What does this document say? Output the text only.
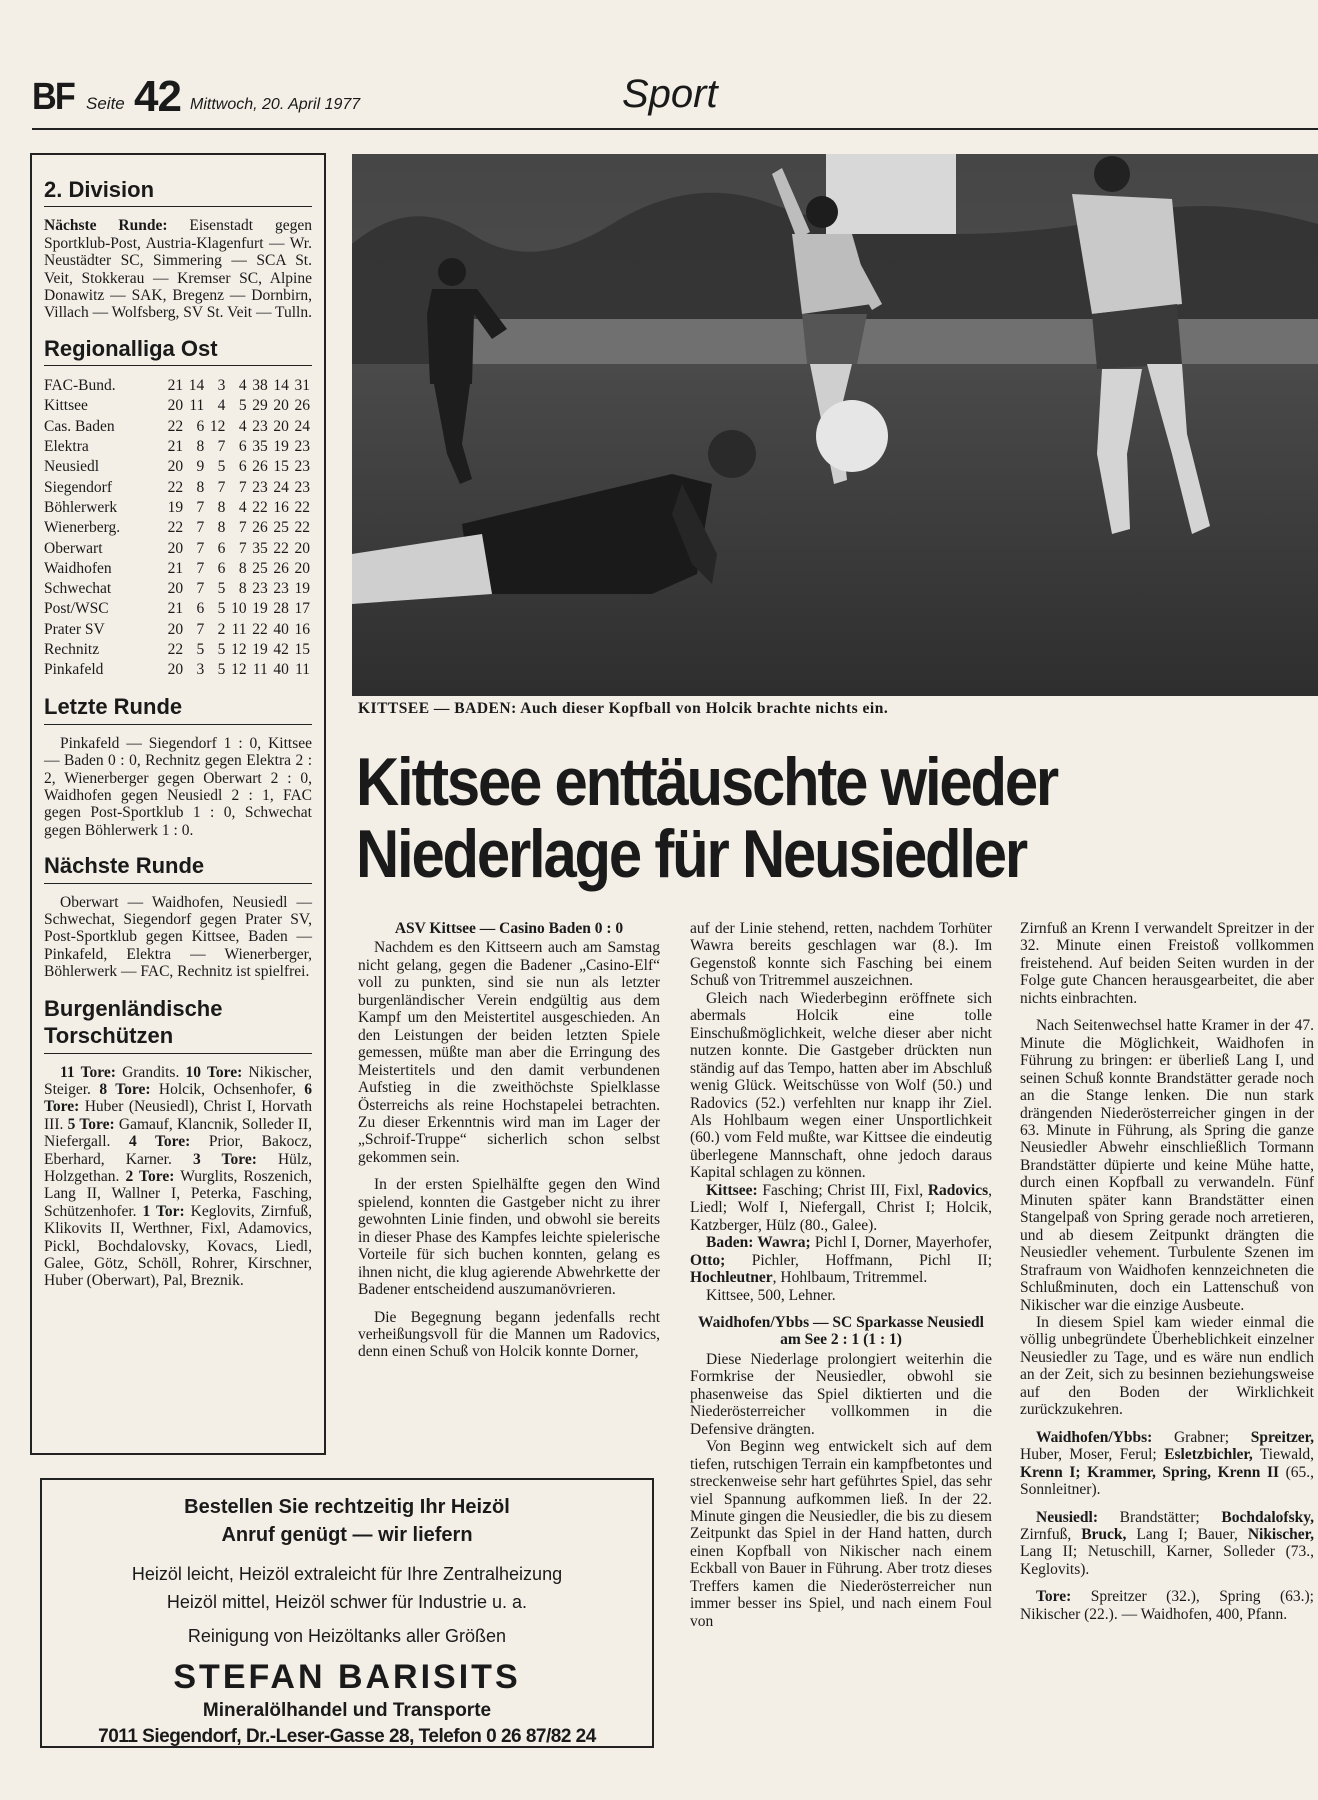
BF Seite 42 Mittwoch, 20. April 1977	Sport
2. Division

Nächste Runde: Eisenstadt gegen Sportklub-Post, Austria-Klagenfurt — Wr. Neustädter SC, Simmering — SCA St. Veit, Stokkerau — Kremser SC, Alpine Donawitz — SAK, Bregenz — Dornbirn, Villach — Wolfsberg, SV St. Veit — Tulln.

Regionalliga Ost
FAC-Bund.	21	14	3	4	38	14	31
Kittsee	20	11	4	5	29	20	26
Cas. Baden	22	6	12	4	23	20	24
Elektra	21	8	7	6	35	19	23
Neusiedl	20	9	5	6	26	15	23
Siegendorf	22	8	7	7	23	24	23
Böhlerwerk	19	7	8	4	22	16	22
Wienerberg.	22	7	8	7	26	25	22
Oberwart	20	7	6	7	35	22	20
Waidhofen	21	7	6	8	25	26	20
Schwechat	20	7	5	8	23	23	19
Post/WSC	21	6	5	10	19	28	17
Prater SV	20	7	2	11	22	40	16
Rechnitz	22	5	5	12	19	42	15
Pinkafeld	20	3	5	12	11	40	11
Letzte Runde

Pinkafeld — Siegendorf 1 : 0, Kittsee — Baden 0 : 0, Rechnitz gegen Elektra 2 : 2, Wienerberger gegen Oberwart 2 : 0, Waidhofen gegen Neusiedl 2 : 1, FAC gegen Post-Sportklub 1 : 0, Schwechat gegen Böhlerwerk 1 : 0.

Nächste Runde

Oberwart — Waidhofen, Neusiedl — Schwechat, Siegendorf gegen Prater SV, Post-Sportklub gegen Kittsee, Baden — Pinkafeld, Elektra — Wienerberger, Böhlerwerk — FAC, Rechnitz ist spielfrei.

Burgenländische
Torschützen

11 Tore: Grandits. 10 Tore: Nikischer, Steiger. 8 Tore: Holcik, Ochsenhofer, 6 Tore: Huber (Neusiedl), Christ I, Horvath III. 5 Tore: Gamauf, Klancnik, Solleder II, Niefergall. 4 Tore: Prior, Bakocz, Eberhard, Karner. 3 Tore: Hülz, Holzgethan. 2 Tore: Wurglits, Roszenich, Lang II, Wallner I, Peterka, Fasching, Schützenhofer. 1 Tor: Keglovits, Zirnfuß, Klikovits II, Werthner, Fixl, Adamovics, Pickl, Bochdalovsky, Kovacs, Liedl, Galee, Götz, Schöll, Rohrer, Kirschner, Huber (Oberwart), Pal, Breznik.

KITTSEE — BADEN: Auch dieser Kopfball von Holcik brachte nichts ein.
Kittsee enttäuschte wieder
Niederlage für Neusiedler

ASV Kittsee — Casino Baden 0 : 0

Nachdem es den Kittseern auch am Samstag nicht gelang, gegen die Badener „Casino-Elf“ voll zu punkten, sind sie nun als letzter burgenländischer Verein endgültig aus dem Kampf um den Meistertitel ausgeschieden. An den Leistungen der beiden letzten Spiele gemessen, müßte man aber die Erringung des Meistertitels und den damit verbundenen Aufstieg in die zweithöchste Spielklasse Österreichs als reine Hochstapelei betrachten. Zu dieser Erkenntnis wird man im Lager der „Schroif-Truppe“ sicherlich schon selbst gekommen sein.

In der ersten Spielhälfte gegen den Wind spielend, konnten die Gastgeber nicht zu ihrer gewohnten Linie finden, und obwohl sie bereits in dieser Phase des Kampfes leichte spielerische Vorteile für sich buchen konnten, gelang es ihnen nicht, die klug agierende Abwehrkette der Badener entscheidend auszumanövrieren.

Die Begegnung begann jedenfalls recht verheißungsvoll für die Mannen um Radovics, denn einen Schuß von Holcik konnte Dorner,

auf der Linie stehend, retten, nachdem Torhüter Wawra bereits geschlagen war (8.). Im Gegenstoß konnte sich Fasching bei einem Schuß von Tritremmel auszeichnen.

Gleich nach Wiederbeginn eröffnete sich abermals Holcik eine tolle Einschußmöglichkeit, welche dieser aber nicht nutzen konnte. Die Gastgeber drückten nun ständig auf das Tempo, hatten aber im Abschluß wenig Glück. Weitschüsse von Wolf (50.) und Radovics (52.) verfehlten nur knapp ihr Ziel. Als Hohlbaum wegen einer Unsportlichkeit (60.) vom Feld mußte, war Kittsee die eindeutig überlegene Mannschaft, ohne jedoch daraus Kapital schlagen zu können.

Kittsee: Fasching; Christ III, Fixl, Radovics, Liedl; Wolf I, Niefergall, Christ I; Holcik, Katzberger, Hülz (80., Galee).

Baden: Wawra; Pichl I, Dorner, Mayerhofer, Otto; Pichler, Hoffmann, Pichl II; Hochleutner, Hohlbaum, Tritremmel.

Kittsee, 500, Lehner.

Waidhofen/Ybbs — SC Sparkasse Neusiedl am See 2 : 1 (1 : 1)

Diese Niederlage prolongiert weiterhin die Formkrise der Neusiedler, obwohl sie phasenweise das Spiel diktierten und die Niederösterreicher vollkommen in die Defensive drängten.

Von Beginn weg entwickelt sich auf dem tiefen, rutschigen Terrain ein kampfbetontes und streckenweise sehr hart geführtes Spiel, das sehr viel Spannung aufkommen ließ. In der 22. Minute gingen die Neusiedler, die bis zu diesem Zeitpunkt das Spiel in der Hand hatten, durch einen Kopfball von Nikischer nach einem Eckball von Bauer in Führung. Aber trotz dieses Treffers kamen die Niederösterreicher nun immer besser ins Spiel, und nach einem Foul von

Zirnfuß an Krenn I verwandelt Spreitzer in der 32. Minute einen Freistoß vollkommen freistehend. Auf beiden Seiten wurden in der Folge gute Chancen herausgearbeitet, die aber nichts einbrachten.

Nach Seitenwechsel hatte Kramer in der 47. Minute die Möglichkeit, Waidhofen in Führung zu bringen: er überließ Lang I, und seinen Schuß konnte Brandstätter gerade noch an die Stange lenken. Die nun stark drängenden Niederösterreicher gingen in der 63. Minute in Führung, als Spring die ganze Neusiedler Abwehr einschließlich Tormann Brandstätter düpierte und keine Mühe hatte, durch einen Kopfball zu verwandeln. Fünf Minuten später kann Brandstätter einen Stangelpaß von Spring gerade noch arretieren, und ab diesem Zeitpunkt drängten die Neusiedler vehement. Turbulente Szenen im Strafraum von Waidhofen kennzeichneten die Schlußminuten, doch ein Lattenschuß von Nikischer war die einzige Ausbeute.

In diesem Spiel kam wieder einmal die völlig unbegründete Überheblichkeit einzelner Neusiedler zu Tage, und es wäre nun endlich an der Zeit, sich zu besinnen beziehungsweise auf den Boden der Wirklichkeit zurückzukehren.

Waidhofen/Ybbs: Grabner; Spreitzer, Huber, Moser, Ferul; Esletzbichler, Tiewald, Krenn I; Krammer, Spring, Krenn II (65., Sonnleitner).

Neusiedl: Brandstätter; Bochdalofsky, Zirnfuß, Bruck, Lang I; Bauer, Nikischer, Lang II; Netuschill, Karner, Solleder (73., Keglovits).

Tore: Spreitzer (32.), Spring (63.); Nikischer (22.). — Waidhofen, 400, Pfann.

Bestellen Sie rechtzeitig Ihr Heizöl
Anruf genügt — wir liefern
Heizöl leicht, Heizöl extraleicht für Ihre Zentralheizung
Heizöl mittel, Heizöl schwer für Industrie u. a.
Reinigung von Heizöltanks aller Größen
STEFAN BARISITS
Mineralölhandel und Transporte
7011 Siegendorf, Dr.-Leser-Gasse 28, Telefon 0 26 87/82 24
